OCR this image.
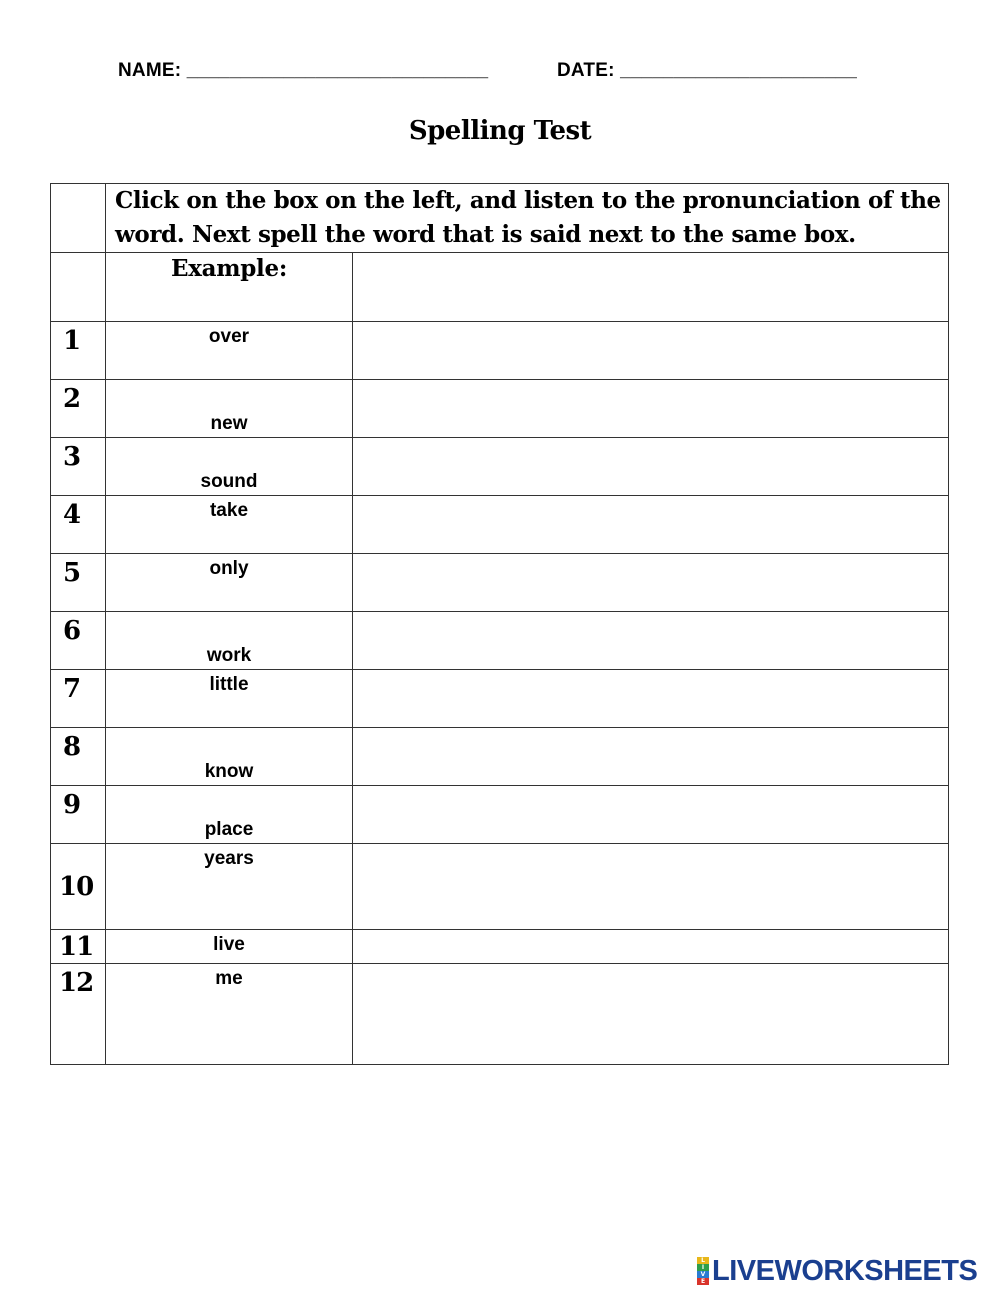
NAME: ____________________________	DATE: ______________________
Spelling Test
	Click on the box on the left, and listen to the pronunciation of the word. Next spell the word that is said next to the same box.	
	Example:	
1	over	
2	new	
3	sound	
4	take	
5	only	
6	work	
7	little	
8	know	
9	place	
10	years	
11	live	
12	me	
L
I
V
E LIVEWORKSHEETS
